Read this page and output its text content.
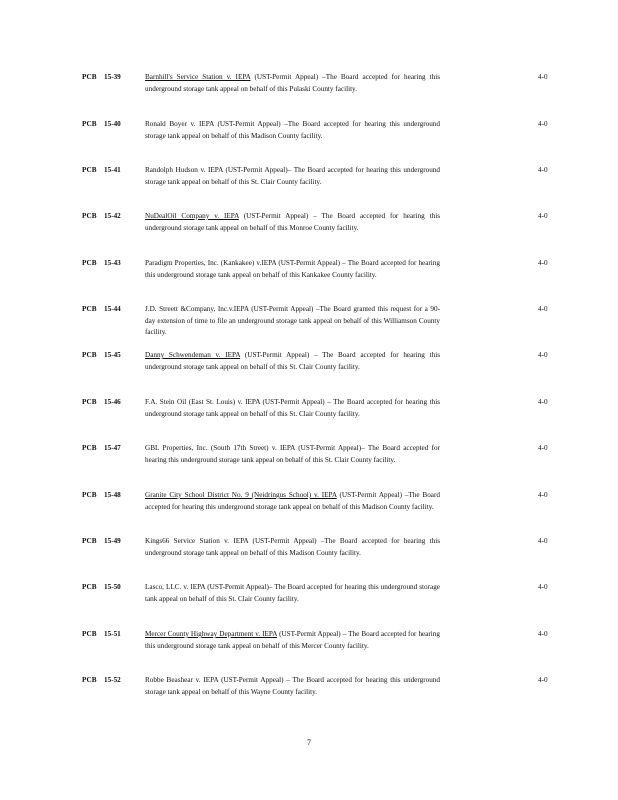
PCB 15-39	Barnhill's Service Station v. IEPA (UST-Permit Appeal) –The Board accepted for hearing this underground storage tank appeal on behalf of this Pulaski County facility.
4-0
PCB 15-40	Ronald Boyer v. IEPA (UST-Permit Appeal) –The Board accepted for hearing this underground storage tank appeal on behalf of this Madison County facility.
4-0
PCB 15-41	Randolph Hudson v. IEPA (UST-Permit Appeal)– The Board accepted for hearing this underground storage tank appeal on behalf of this St. Clair County facility.
4-0
PCB 15-42	NuDealOil Company v. IEPA (UST-Permit Appeal) – The Board accepted for hearing this underground storage tank appeal on behalf of this Monroe County facility.
4-0
PCB 15-43	Paradigm Properties, Inc. (Kankakee) v.IEPA (UST-Permit Appeal) – The Board accepted for hearing this underground storage tank appeal on behalf of this Kankakee County facility.
4-0
PCB 15-44	J.D. Streett &Company, Inc.v.IEPA (UST-Permit Appeal) –The Board granted this request for a 90-day extension of time to file an underground storage tank appeal on behalf of this Williamson County facility.
4-0
PCB 15-45	Danny Schwendeman v. IEPA (UST-Permit Appeal) – The Board accepted for hearing this underground storage tank appeal on behalf of this St. Clair County facility.
4-0
PCB 15-46	F.A. Stein Oil (East St. Louis) v. IEPA (UST-Permit Appeal) – The Board accepted for hearing this underground storage tank appeal on behalf of this St. Clair County facility.
4-0
PCB 15-47	GBL Properties, Inc. (South 17th Street) v. IEPA (UST-Permit Appeal)– The Board accepted for hearing this underground storage tank appeal on behalf of this St. Clair County facility.
4-0
PCB 15-48	Granite City School District No. 9 (Neidringus School) v. IEPA (UST-Permit Appeal) –The Board accepted for hearing this underground storage tank appeal on behalf of this Madison County facility.
4-0
PCB 15-49	Kings66 Service Station v. IEPA (UST-Permit Appeal) –The Board accepted for hearing this underground storage tank appeal on behalf of this Madison County facility.
4-0
PCB 15-50	Lasco, LLC. v. IEPA (UST-Permit Appeal)– The Board accepted for hearing this underground storage tank appeal on behalf of this St. Clair County facility.
4-0
PCB 15-51	Mercer County Highway Department v. IEPA (UST-Permit Appeal) – The Board accepted for hearing this underground storage tank appeal on behalf of this Mercer County facility.
4-0
PCB 15-52	Robbe Beashear v. IEPA (UST-Permit Appeal) – The Board accepted for hearing this underground storage tank appeal on behalf of this Wayne County facility.
4-0
7
